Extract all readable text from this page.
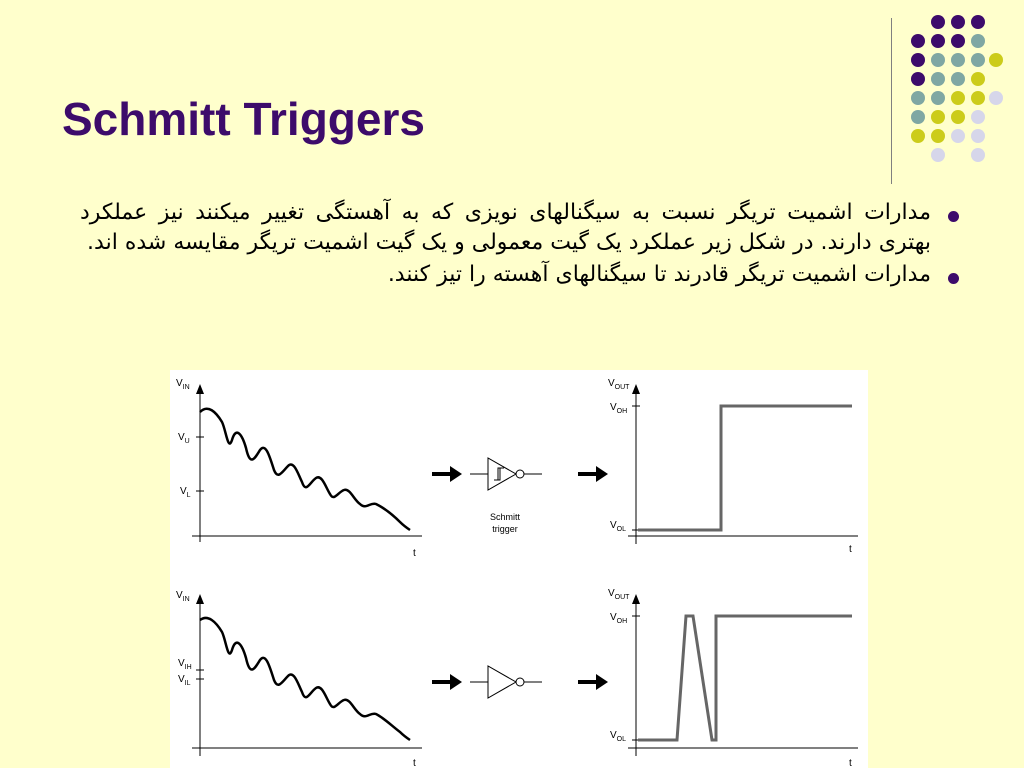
Schmitt Triggers

مدارات اشمیت تریگر نسبت به سیگنالهای نویزی که به آهستگی تغییر میکنند نیز عملکرد بهتری دارند. در شکل زیر عملکرد یک گیت معمولی و یک گیت اشمیت تریگر مقایسه شده اند.

مدارات اشمیت تریگر قادرند تا سیگنالهای آهسته را تیز کنند.

$V_{IN}$
$V_U$
$V_L$
t
Schmitt
trigger
$V_{OUT}$
$V_{OH}$
$V_{OL}$
t
$V_{IN}$
$V_{IH}$
$V_{IL}$
t
$V_{OUT}$
$V_{OH}$
$V_{OL}$
t
